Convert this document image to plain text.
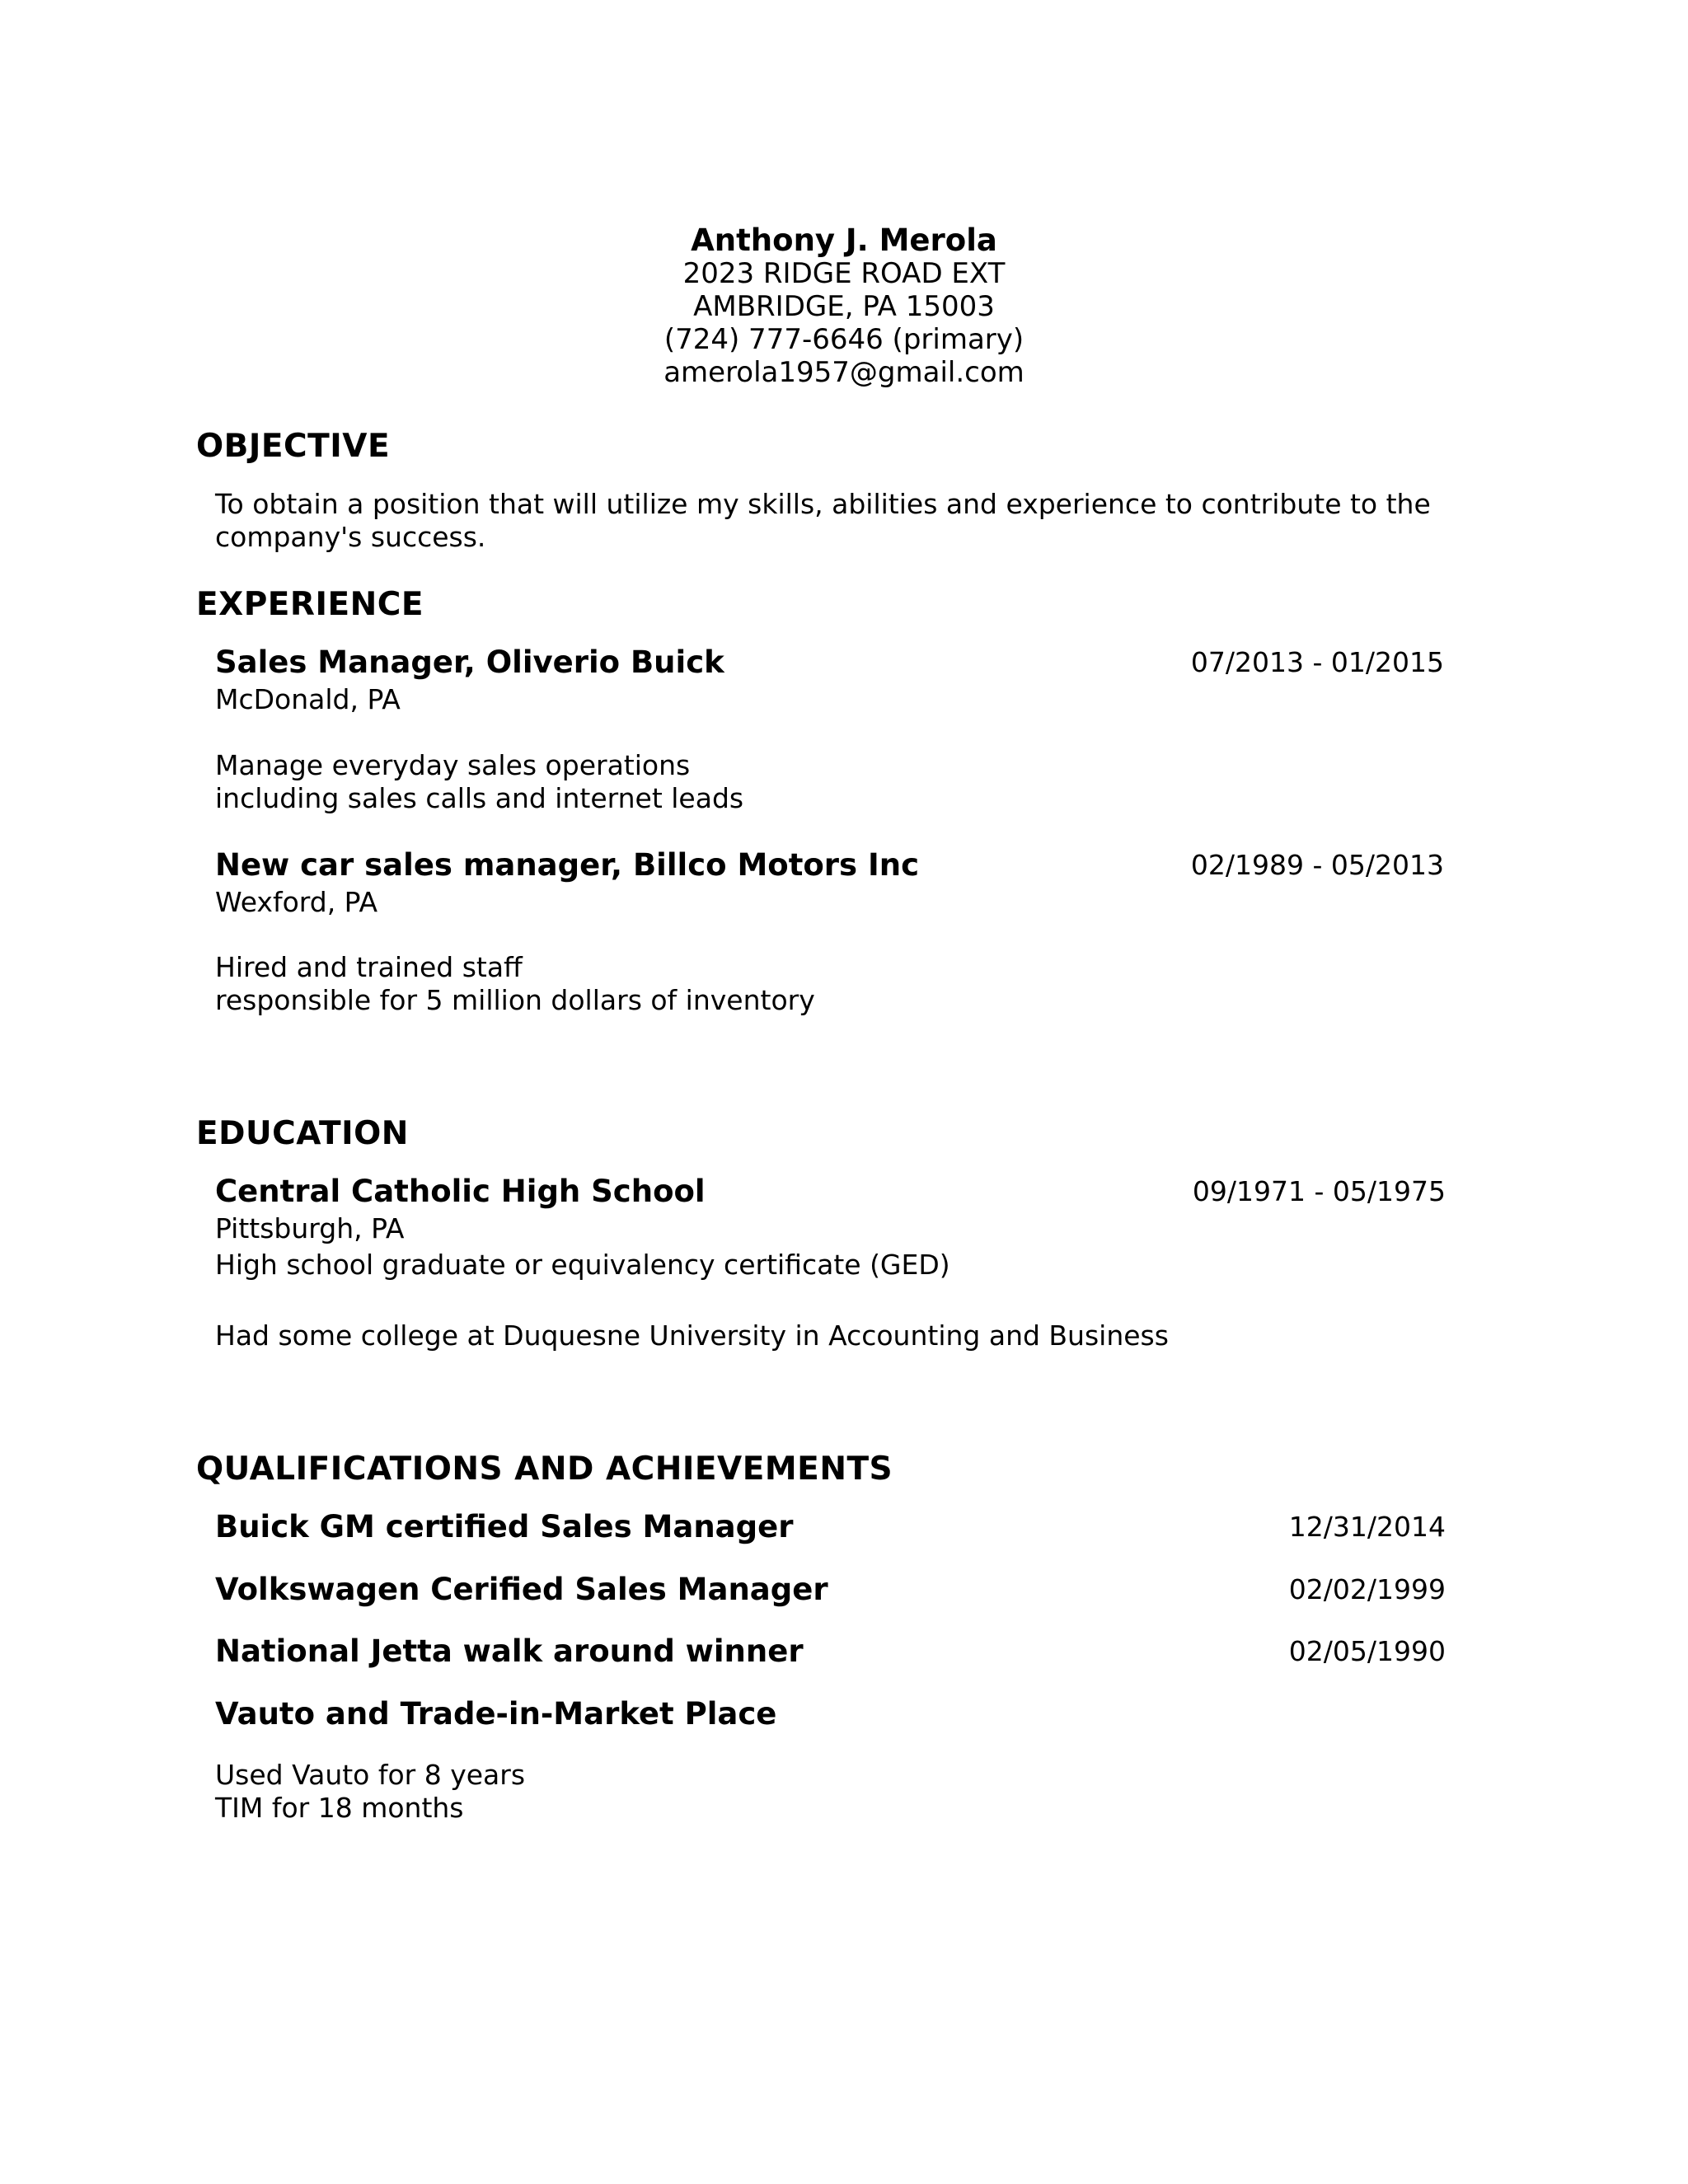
Anthony J. Merola
2023 RIDGE ROAD EXT
AMBRIDGE, PA 15003
(724) 777-6646 (primary)
amerola1957@gmail.com
OBJECTIVE
To obtain a position that will utilize my skills, abilities and experience to contribute to the
company's success.
EXPERIENCE
Sales Manager, Oliverio Buick	07/2013 - 01/2015
McDonald, PA
Manage everyday sales operations
including sales calls and internet leads
New car sales manager, Billco Motors Inc	02/1989 - 05/2013
Wexford, PA
Hired and trained staff
responsible for 5 million dollars of inventory
EDUCATION
Central Catholic High School	09/1971 - 05/1975
Pittsburgh, PA
High school graduate or equivalency certificate (GED)
Had some college at Duquesne University in Accounting and Business
QUALIFICATIONS AND ACHIEVEMENTS
Buick GM certified Sales Manager	12/31/2014
Volkswagen Cerified Sales Manager	02/02/1999
National Jetta walk around winner	02/05/1990
Vauto and Trade-in-Market Place
Used Vauto for 8 years
TIM for 18 months
